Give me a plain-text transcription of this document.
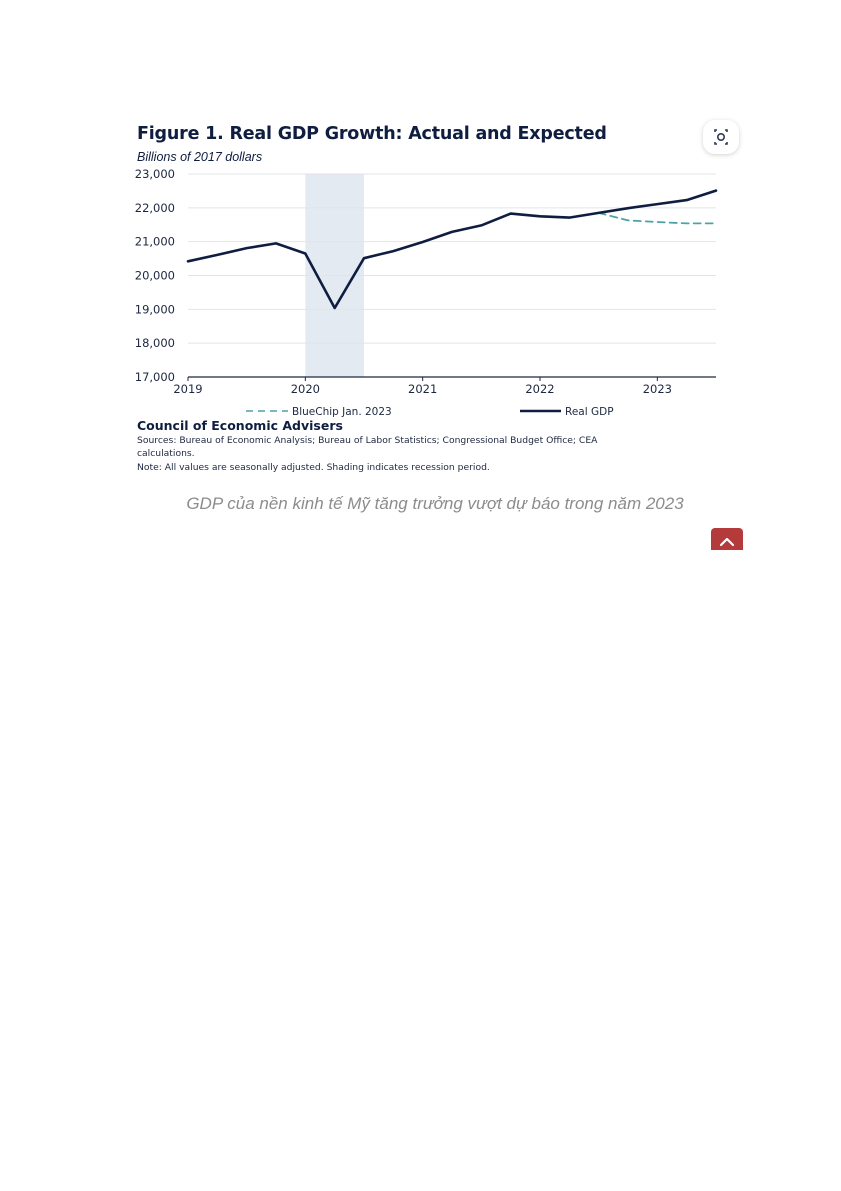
Figure 1. Real GDP Growth: Actual and Expected
Billions of 2017 dollars
17,000
18,000
19,000
20,000
21,000
22,000
23,000
2019	2020	2021	2022	2023
BlueChip Jan. 2023	Real GDP
Council of Economic Advisers
Sources: Bureau of Economic Analysis; Bureau of Labor Statistics; Congressional Budget Office; CEA
calculations.
Note: All values are seasonally adjusted. Shading indicates recession period.
GDP của nền kinh tế Mỹ tăng trưởng vượt dự báo trong năm 2023
